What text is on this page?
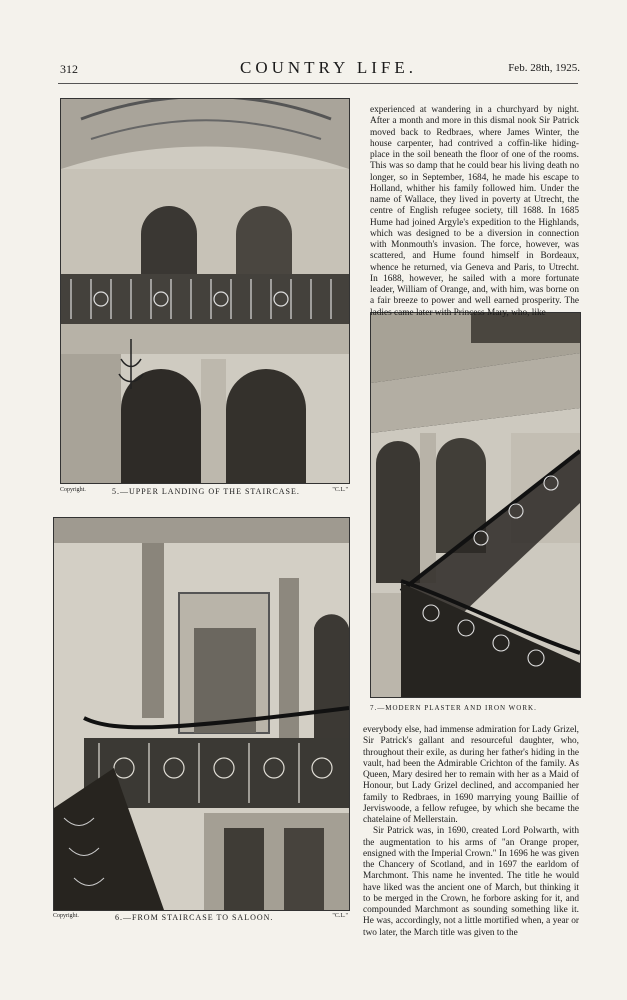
312	COUNTRY LIFE.	Feb. 28th, 1925.
Copyright.	5.—UPPER LANDING OF THE STAIRCASE.	"C.L."
Copyright.	6.—FROM STAIRCASE TO SALOON.	"C.L."
7.—MODERN PLASTER AND IRON WORK.

experienced at wandering in a churchyard by night. After a month and more in this dismal nook Sir Patrick moved back to Redbraes, where James Winter, the house carpenter, had contrived a coffin-like hiding-place in the soil beneath the floor of one of the rooms. This was so damp that he could bear his living death no longer, so in September, 1684, he made his escape to Holland, whither his family followed him. Under the name of Wallace, they lived in poverty at Utrecht, the centre of English refugee society, till 1688. In 1685 Hume had joined Argyle's expedition to the Highlands, which was designed to be a diversion in connection with Monmouth's invasion. The force, however, was scattered, and Hume found himself in Bordeaux, whence he returned, via Geneva and Paris, to Utrecht. In 1688, however, he sailed with a more fortunate leader, William of Orange, and, with him, was borne on a fair breeze to power and well earned prosperity. The ladies came later with Princess Mary, who, like

everybody else, had immense admiration for Lady Grizel, Sir Patrick's gallant and resourceful daughter, who, throughout their exile, as during her father's hiding in the vault, had been the Admirable Crichton of the family. As Queen, Mary desired her to remain with her as a Maid of Honour, but Lady Grizel declined, and accompanied her family to Redbraes, in 1690 marrying young Baillie of Jerviswoode, a fellow refugee, by which she became the chatelaine of Mellerstain.

Sir Patrick was, in 1690, created Lord Polwarth, with the augmentation to his arms of "an Orange proper, ensigned with the Imperial Crown." In 1696 he was given the Chancery of Scotland, and in 1697 the earldom of Marchmont. This name he invented. The title he would have liked was the ancient one of March, but thinking it to be merged in the Crown, he forbore asking for it, and compounded Marchmont as sounding something like it. He was, accordingly, not a little mortified when, a year or two later, the March title was given to the
